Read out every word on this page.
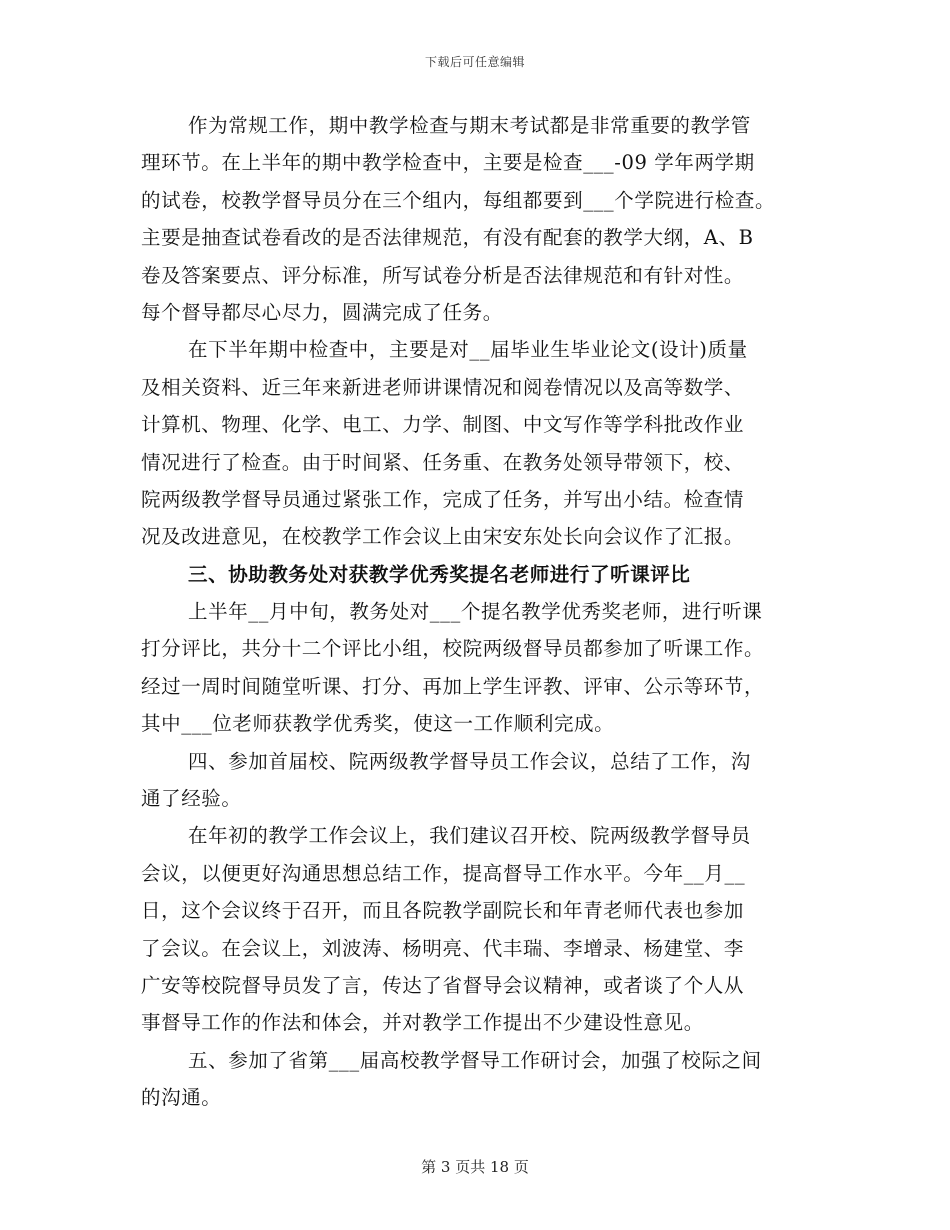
下载后可任意编辑
作为常规工作，期中教学检查与期末考试都是非常重要的教学管
理环节。在上半年的期中教学检查中，主要是检查___-09 学年两学期
的试卷，校教学督导员分在三个组内，每组都要到___个学院进行检查。
主要是抽查试卷看改的是否法律规范，有没有配套的教学大纲，A、B
卷及答案要点、评分标准，所写试卷分析是否法律规范和有针对性。
每个督导都尽心尽力，圆满完成了任务。
在下半年期中检查中，主要是对__届毕业生毕业论文(设计)质量
及相关资料、近三年来新进老师讲课情况和阅卷情况以及高等数学、
计算机、物理、化学、电工、力学、制图、中文写作等学科批改作业
情况进行了检查。由于时间紧、任务重、在教务处领导带领下，校、
院两级教学督导员通过紧张工作，完成了任务，并写出小结。检查情
况及改进意见，在校教学工作会议上由宋安东处长向会议作了汇报。
三、协助教务处对获教学优秀奖提名老师进行了听课评比
上半年__月中旬，教务处对___个提名教学优秀奖老师，进行听课
打分评比，共分十二个评比小组，校院两级督导员都参加了听课工作。
经过一周时间随堂听课、打分、再加上学生评教、评审、公示等环节，
其中___位老师获教学优秀奖，使这一工作顺利完成。
四、参加首届校、院两级教学督导员工作会议，总结了工作，沟
通了经验。
在年初的教学工作会议上，我们建议召开校、院两级教学督导员
会议，以便更好沟通思想总结工作，提高督导工作水平。今年__月__
日，这个会议终于召开，而且各院教学副院长和年青老师代表也参加
了会议。在会议上，刘波涛、杨明亮、代丰瑞、李增录、杨建堂、李
广安等校院督导员发了言，传达了省督导会议精神，或者谈了个人从
事督导工作的作法和体会，并对教学工作提出不少建设性意见。
五、参加了省第___届高校教学督导工作研讨会，加强了校际之间
的沟通。
第 3 页共 18 页
